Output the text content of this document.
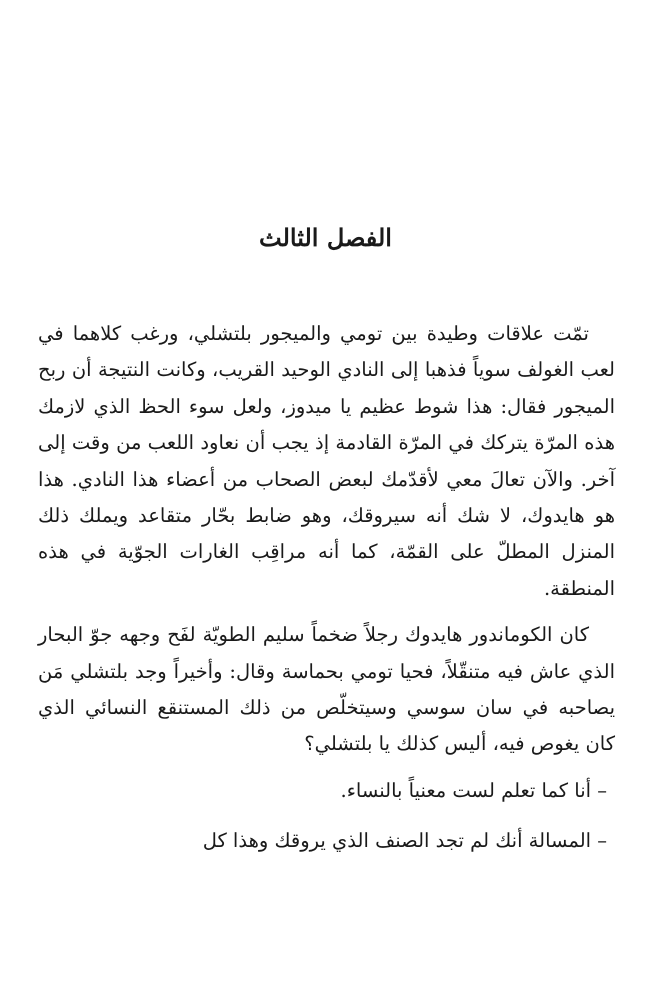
الفصل الثالث

تمّت علاقات وطيدة بين تومي والميجور بلتشلي، ورغب كلاهما في لعب الغولف سوياً فذهبا إلى النادي الوحيد القريب، وكانت النتيجة أن ربح الميجور فقال: هذا شوط عظيم يا ميدوز، ولعل سوء الحظ الذي لازمك هذه المرّة يتركك في المرّة القادمة إذ يجب أن نعاود اللعب من وقت إلى آخر. والآن تعالَ معي لأقدّمك لبعض الصحاب من أعضاء هذا النادي. هذا هو هايدوك، لا شك أنه سيروقك، وهو ضابط بحّار متقاعد ويملك ذلك المنزل المطلّ على القمّة، كما أنه مراقِب الغارات الجوّية في هذه المنطقة.

كان الكوماندور هايدوك رجلاً ضخماً سليم الطويّة لفَح وجهه جوّ البحار الذي عاش فيه متنقّلاً، فحيا تومي بحماسة وقال: وأخيراً وجد بلتشلي مَن يصاحبه في سان سوسي وسيتخلّص من ذلك المستنقع النسائي الذي كان يغوص فيه، أليس كذلك يا بلتشلي؟

– أنا كما تعلم لست معنياً بالنساء.

– المسالة أنك لم تجد الصنف الذي يروقك وهذا كل
